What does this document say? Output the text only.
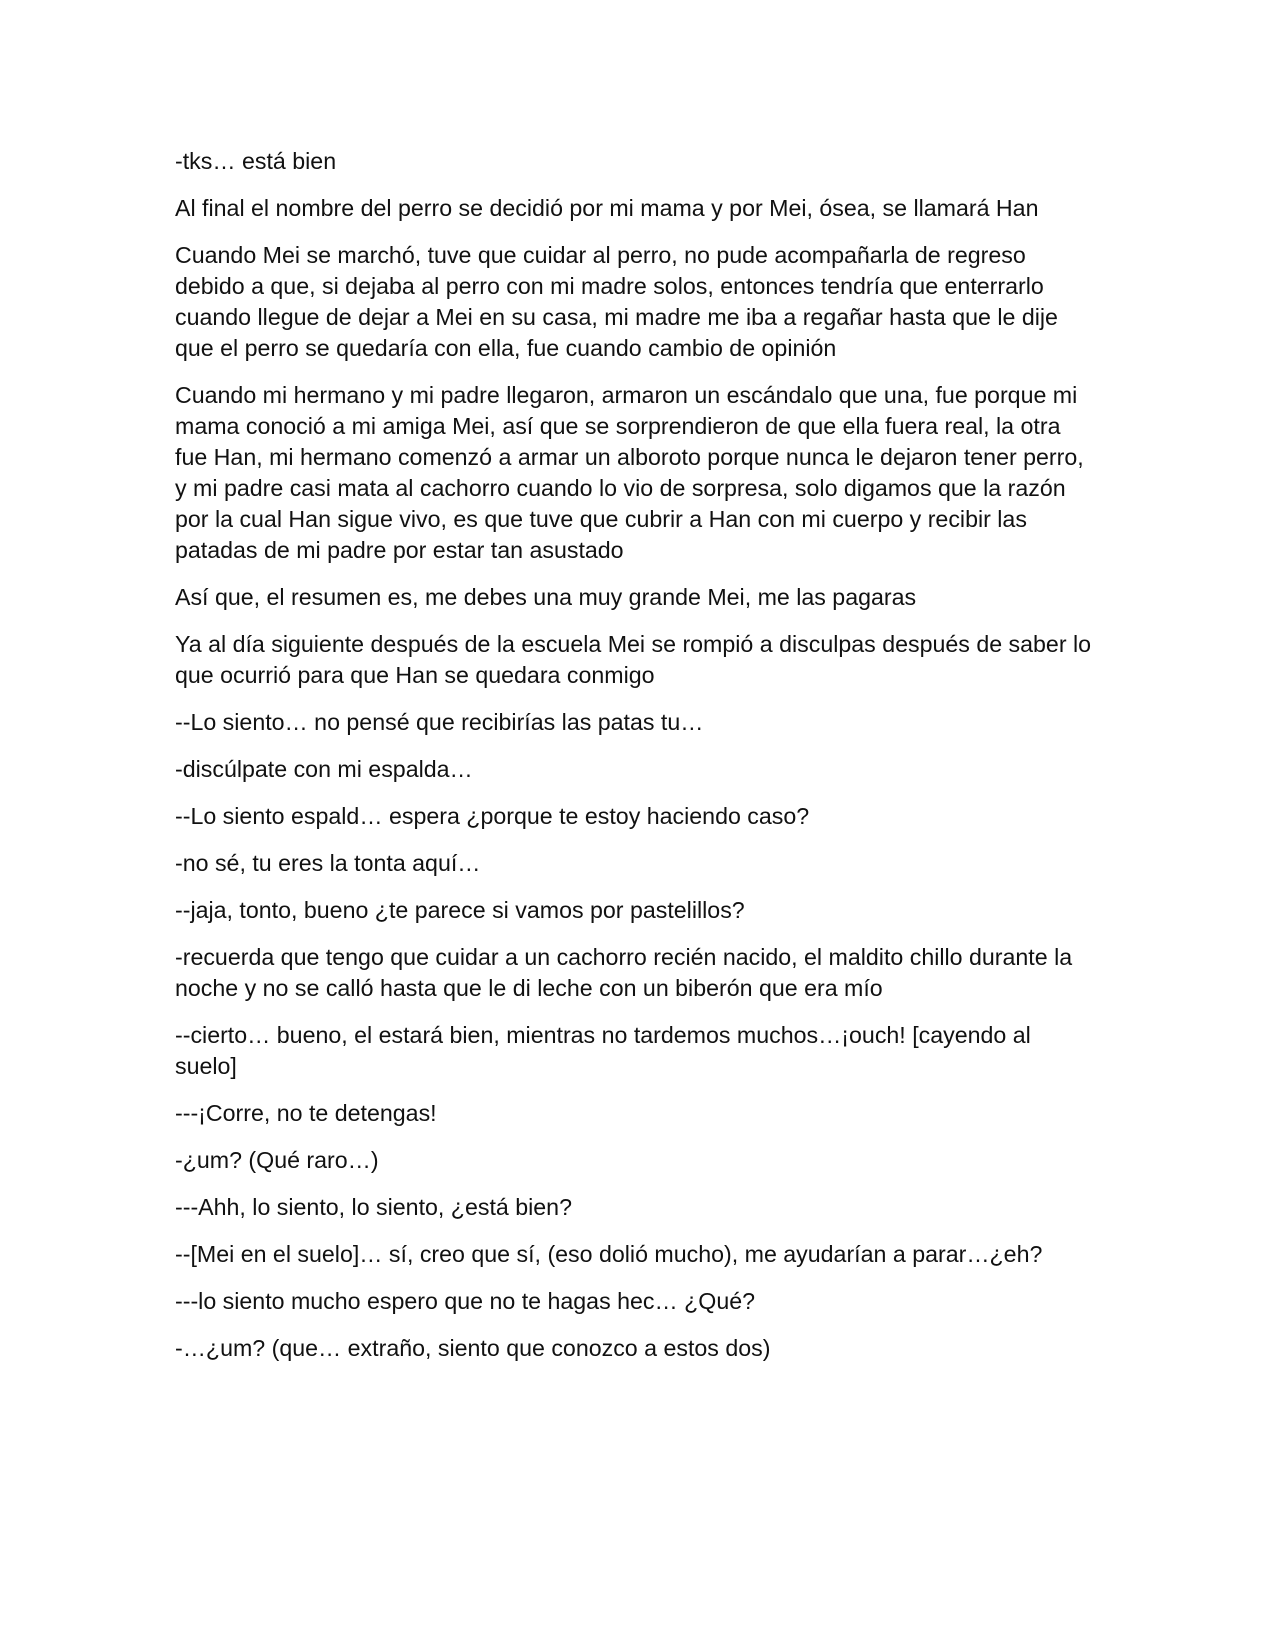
-tks… está bien

Al final el nombre del perro se decidió por mi mama y por Mei, ósea, se llamará Han

Cuando Mei se marchó, tuve que cuidar al perro, no pude acompañarla de regreso debido a que, si dejaba al perro con mi madre solos, entonces tendría que enterrarlo cuando llegue de dejar a Mei en su casa, mi madre me iba a regañar hasta que le dije que el perro se quedaría con ella, fue cuando cambio de opinión

Cuando mi hermano y mi padre llegaron, armaron un escándalo que una, fue porque mi mama conoció a mi amiga Mei, así que se sorprendieron de que ella fuera real, la otra fue Han, mi hermano comenzó a armar un alboroto porque nunca le dejaron tener perro, y mi padre casi mata al cachorro cuando lo vio de sorpresa, solo digamos que la razón por la cual Han sigue vivo, es que tuve que cubrir a Han con mi cuerpo y recibir las patadas de mi padre por estar tan asustado

Así que, el resumen es, me debes una muy grande Mei, me las pagaras

Ya al día siguiente después de la escuela Mei se rompió a disculpas después de saber lo que ocurrió para que Han se quedara conmigo

--Lo siento… no pensé que recibirías las patas tu…

-discúlpate con mi espalda…

--Lo siento espald… espera ¿porque te estoy haciendo caso?

-no sé, tu eres la tonta aquí…

--jaja, tonto, bueno ¿te parece si vamos por pastelillos?

-recuerda que tengo que cuidar a un cachorro recién nacido, el maldito chillo durante la noche y no se calló hasta que le di leche con un biberón que era mío

--cierto… bueno, el estará bien, mientras no tardemos muchos…¡ouch! [cayendo al suelo]

---¡Corre, no te detengas!

-¿um? (Qué raro…)

---Ahh, lo siento, lo siento, ¿está bien?

--[Mei en el suelo]… sí, creo que sí, (eso dolió mucho), me ayudarían a parar…¿eh?

---lo siento mucho espero que no te hagas hec… ¿Qué?

-…¿um? (que… extraño, siento que conozco a estos dos)
